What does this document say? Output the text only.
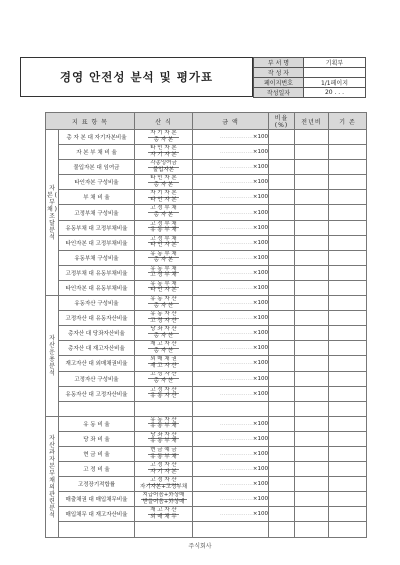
경영 안전성 분석 및 평가표
부 서 명	기획부
작 성 자	
페이지번호	1/1페이지
작성일자	20 . . .
지 표 항 목		산 식	금 액	비율(%)	전년비	기 존
자 본 ( 부 채 ) 조 달 분 석	총 자 본 대 자기자본비율	자 기 자 본
총 자 본	………………×100			
	자 본 부 채 비 율	타 인 자 본
자 기 자 본	………………×100			
	물입자본 대 임여금	각종잉여금
불입자본	………………×100			
	타인자본 구성비율	타 인 자 본
총 자 본	………………×100			
	부 채 비 율	자 기 자 본
타 인 자 본	………………×100			
	고정부채 구성비율	고 정 부 채
총 자 본	………………×100			
	유동부채 대 고정부채비율	고 정 부 채
유 동 부 채	………………×100			
	타인자본 대 고정부채비율	고 정 부 채
타 인 자 본	………………×100			
	유동부채 구성비율	유 동 부 채
총 자 본	………………×100			
	고정부채 대 유동부채비율	유 동 부 채
고 정 부 채	………………×100			
	타인자본 대 유동부채비율	유 동 부 채
타 인 자 본	………………×100			
자 산 운 용 분 석	유동자산 구성비율	유 동 자 산
총 자 산	………………×100			
	고정자산 대 유동자산비율	유 동 자 산
고 정 자 산	………………×100			
	총자산 대 당좌자산비율	당 좌 자 산
총 자 산	………………×100			
	총자산 대 재고자산비율	재 고 자 산
총 자 산	………………×100			
	재고자산 대 외매채권비율	외 매 채 권
재 고 자 산	………………×100			
	고정자산 구성비율	고 정 자 산
총 자 산	………………×100			
	유동자산 대 고정자산비율	고 정 자 산
유 동 자 산	………………×100			

자 산 과 자 본 부 채 의 관 련 분 석	유 동 비 율	유 동 자 산
유 동 부 채	………………×100			
	당 좌 비 율	당 좌 자 산
유 동 부 채	………………×100			
	현 금 비 율	현 금 예 금
유 동 부 채	………………×100			
	고 정 비 율	고 정 자 산
자 기 자 본	………………×100			
	고정장기적합률	고 정 자 산
자기자본+고정부채	………………×100			
	매출채권 대 매입채무비율	지급어음+外상매
받을어음+外상매	………………×100			
	매입채무 대 재고자산비율	재 고 자 산
외 매 채 무	………………×100			

주식회사
